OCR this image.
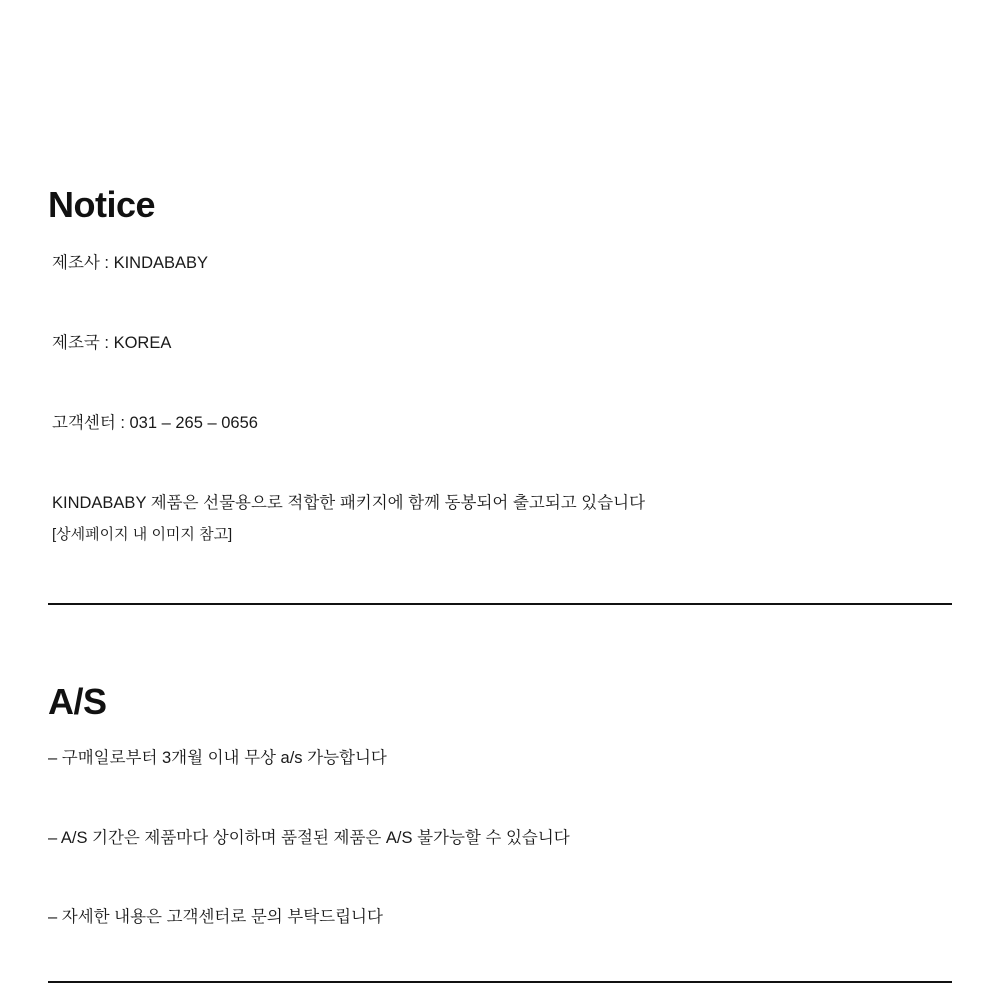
Notice
제조사 : KINDABABY
제조국 : KOREA
고객센터 : 031 – 265 – 0656
KINDABABY 제품은 선물용으로 적합한 패키지에 함께 동봉되어 출고되고 있습니다
[상세페이지 내 이미지 참고]
A/S
– 구매일로부터 3개월 이내 무상 a/s 가능합니다
– A/S 기간은 제품마다 상이하며 품절된 제품은 A/S 불가능할 수 있습니다
– 자세한 내용은 고객센터로 문의 부탁드립니다
